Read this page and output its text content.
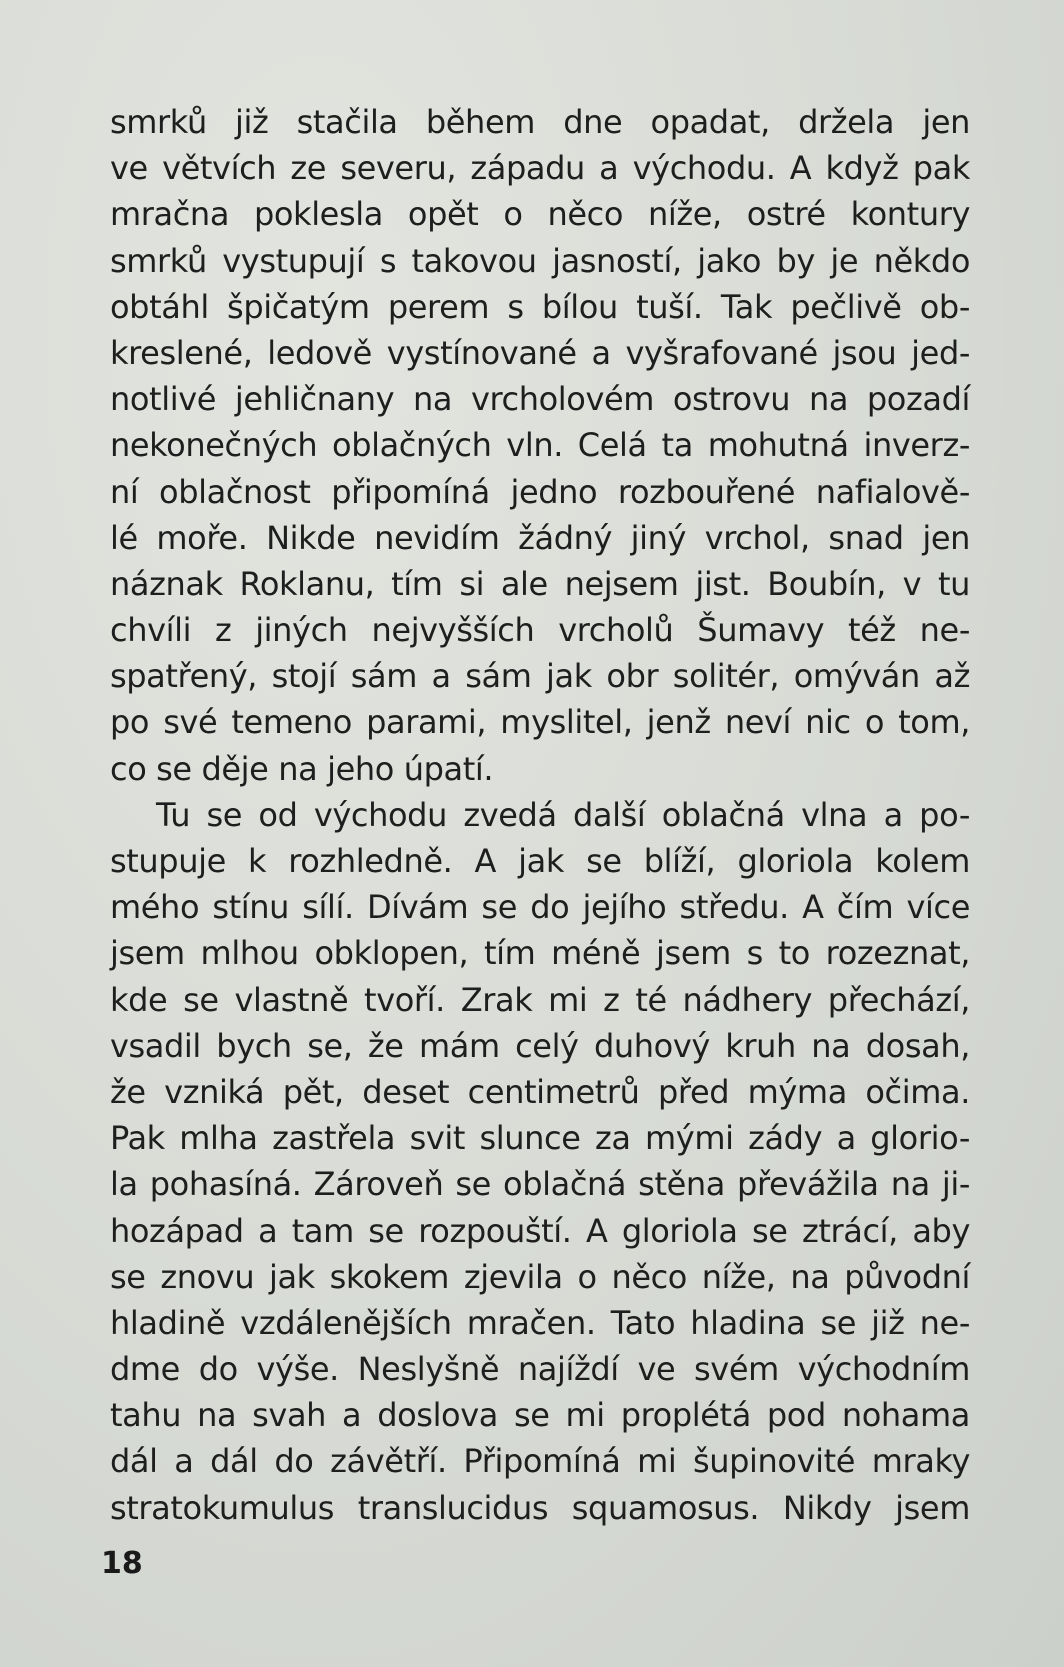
smrků již stačila během dne opadat, držela jen
ve větvích ze severu, západu a východu. A když pak
mračna poklesla opět o něco níže, ostré kontury
smrků vystupují s takovou jasností, jako by je někdo
obtáhl špičatým perem s bílou tuší. Tak pečlivě ob-
kreslené, ledově vystínované a vyšrafované jsou jed-
notlivé jehličnany na vrcholovém ostrovu na pozadí
nekonečných oblačných vln. Celá ta mohutná inverz-
ní oblačnost připomíná jedno rozbouřené nafialově-
lé moře. Nikde nevidím žádný jiný vrchol, snad jen
náznak Roklanu, tím si ale nejsem jist. Boubín, v tu
chvíli z jiných nejvyšších vrcholů Šumavy též ne-
spatřený, stojí sám a sám jak obr solitér, omýván až
po své temeno parami, myslitel, jenž neví nic o tom,
co se děje na jeho úpatí.
Tu se od východu zvedá další oblačná vlna a po-
stupuje k rozhledně. A jak se blíží, gloriola kolem
mého stínu sílí. Dívám se do jejího středu. A čím více
jsem mlhou obklopen, tím méně jsem s to rozeznat,
kde se vlastně tvoří. Zrak mi z té nádhery přechází,
vsadil bych se, že mám celý duhový kruh na dosah,
že vzniká pět, deset centimetrů před mýma očima.
Pak mlha zastřela svit slunce za mými zády a glorio-
la pohasíná. Zároveň se oblačná stěna převážila na ji-
hozápad a tam se rozpouští. A gloriola se ztrácí, aby
se znovu jak skokem zjevila o něco níže, na původní
hladině vzdálenějších mračen. Tato hladina se již ne-
dme do výše. Neslyšně najíždí ve svém východním
tahu na svah a doslova se mi proplétá pod nohama
dál a dál do závětří. Připomíná mi šupinovité mraky
stratokumulus translucidus squamosus. Nikdy jsem
18
